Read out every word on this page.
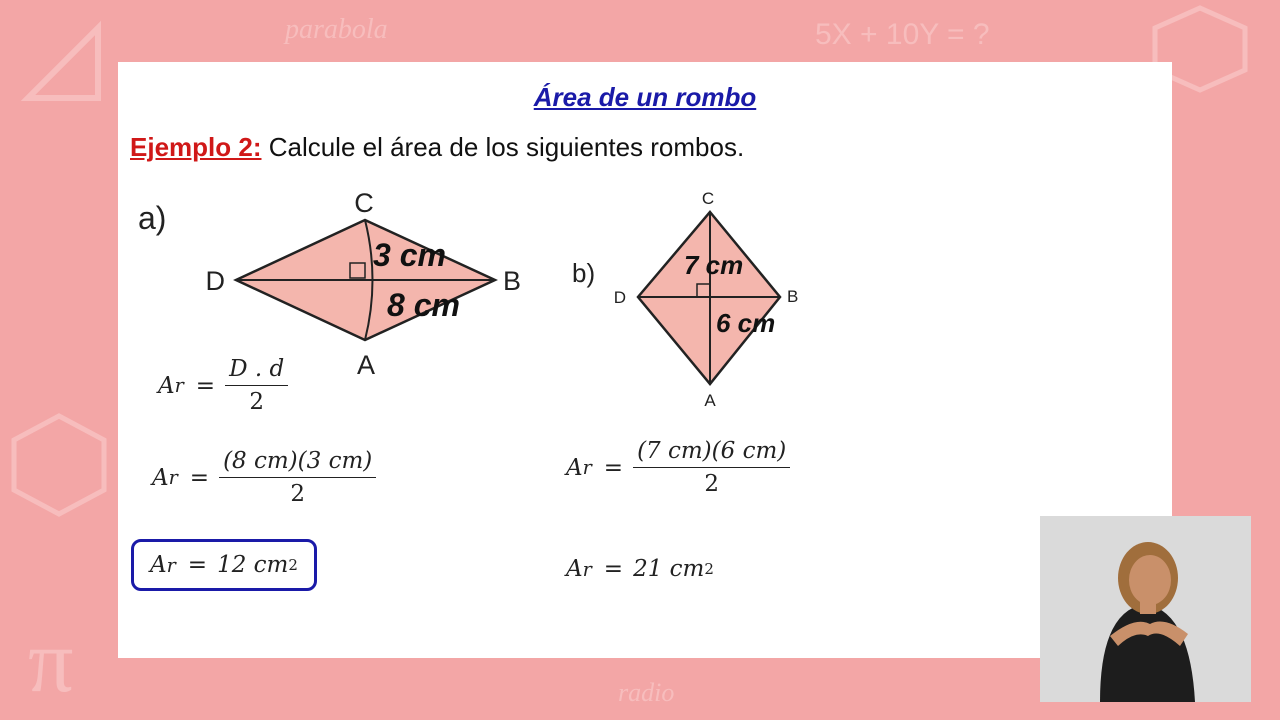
parabola	5X + 10Y = ?
radio
π
Área de un rombo
Ejemplo 2: Calcule el área de los siguientes rombos.
a)	C
A
D	B
3 cm
8 cm
b)
C
A
D	B
7 cm
6 cm
A $r = \frac{D . d}{2}$
A $r = \frac{(8 cm)(3 cm)}{2}$	A $r = \frac{(7 cm)(6 cm)}{2}$
A r = 12 cm 2	A r = 21 cm 2
